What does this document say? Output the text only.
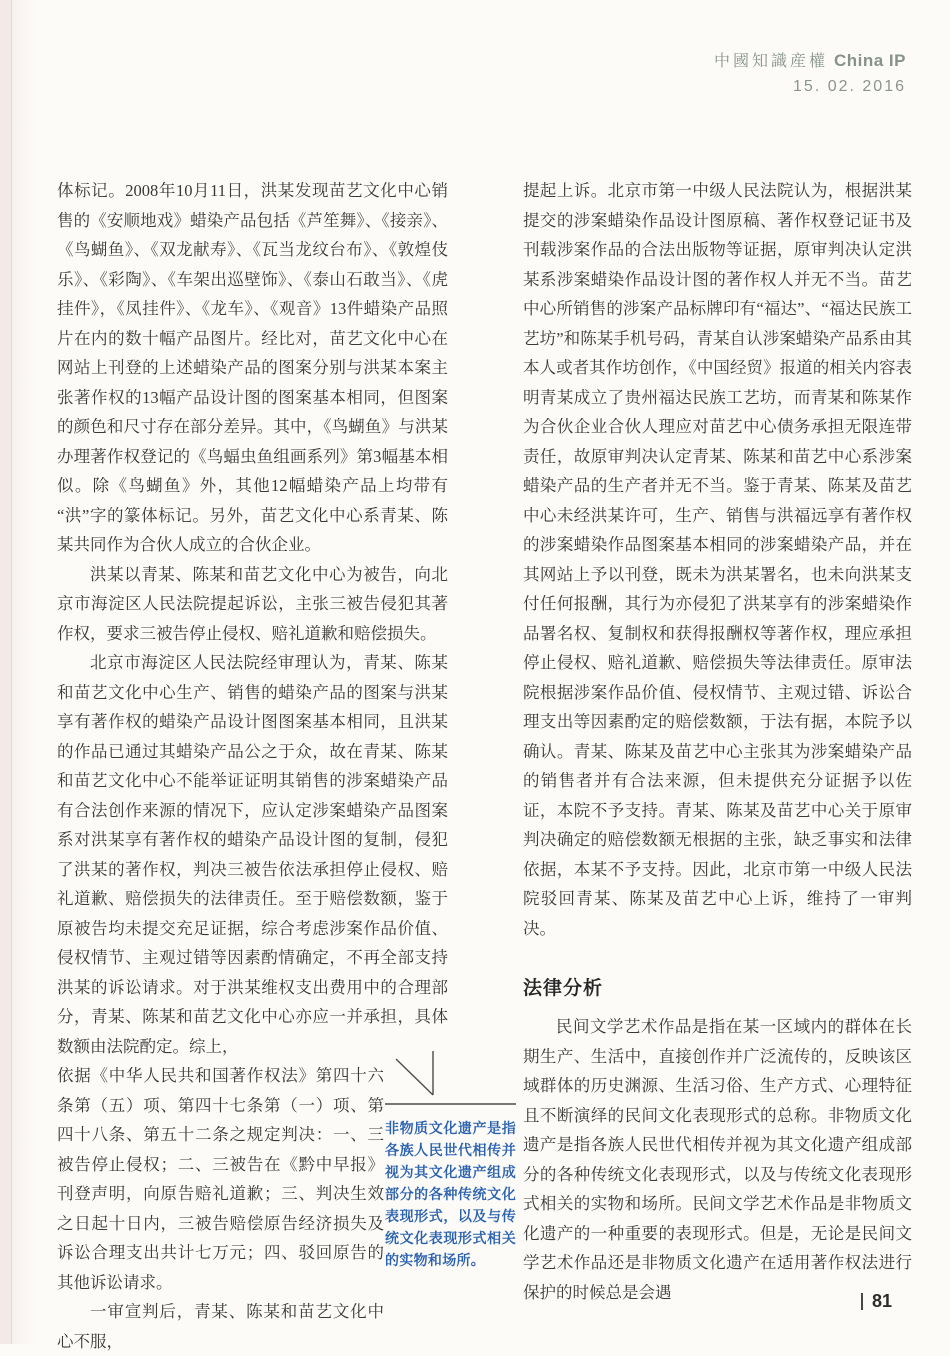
中國知識産權 China IP
15. 02. 2016

体标记。2008年10月11日，洪某发现苗艺文化中心销售的《安顺地戏》蜡染产品包括《芦笙舞》、《接亲》、《鸟蝴鱼》、《双龙献寿》、《瓦当龙纹台布》、《敦煌伎乐》、《彩陶》、《车架出巡壁饰》、《泰山石敢当》、《虎挂件》，《凤挂件》、《龙车》、《观音》13件蜡染产品照片在内的数十幅产品图片。经比对，苗艺文化中心在网站上刊登的上述蜡染产品的图案分别与洪某本案主张著作权的13幅产品设计图的图案基本相同，但图案的颜色和尺寸存在部分差异。其中，《鸟蝴鱼》与洪某办理著作权登记的《鸟蝠虫鱼组画系列》第3幅基本相似。除《鸟蝴鱼》外，其他12幅蜡染产品上均带有“洪”字的篆体标记。另外，苗艺文化中心系青某、陈某共同作为合伙人成立的合伙企业。

洪某以青某、陈某和苗艺文化中心为被告，向北京市海淀区人民法院提起诉讼，主张三被告侵犯其著作权，要求三被告停止侵权、赔礼道歉和赔偿损失。

北京市海淀区人民法院经审理认为，青某、陈某和苗艺文化中心生产、销售的蜡染产品的图案与洪某享有著作权的蜡染产品设计图图案基本相同，且洪某的作品已通过其蜡染产品公之于众，故在青某、陈某和苗艺文化中心不能举证证明其销售的涉案蜡染产品有合法创作来源的情况下，应认定涉案蜡染产品图案系对洪某享有著作权的蜡染产品设计图的复制，侵犯了洪某的著作权，判决三被告依法承担停止侵权、赔礼道歉、赔偿损失的法律责任。至于赔偿数额，鉴于原被告均未提交充足证据，综合考虑涉案作品价值、侵权情节、主观过错等因素酌情确定，不再全部支持洪某的诉讼请求。对于洪某维权支出费用中的合理部分，青某、陈某和苗艺文化中心亦应一并承担，具体数额由法院酌定。综上，

依据《中华人民共和国著作权法》第四十六条第（五）项、第四十七条第（一）项、第四十八条、第五十二条之规定判决：一、三被告停止侵权；二、三被告在《黔中早报》刊登声明，向原告赔礼道歉；三、判决生效之日起十日内，三被告赔偿原告经济损失及诉讼合理支出共计七万元；四、驳回原告的其他诉讼请求。

一审宣判后，青某、陈某和苗艺文化中心不服，

非物质文化遗产是指各族人民世代相传并视为其文化遗产组成部分的各种传统文化表现形式，以及与传统文化表现形式相关的实物和场所。

提起上诉。北京市第一中级人民法院认为，根据洪某提交的涉案蜡染作品设计图原稿、著作权登记证书及刊载涉案作品的合法出版物等证据，原审判决认定洪某系涉案蜡染作品设计图的著作权人并无不当。苗艺中心所销售的涉案产品标牌印有“福达”、“福达民族工艺坊”和陈某手机号码，青某自认涉案蜡染产品系由其本人或者其作坊创作，《中国经贸》报道的相关内容表明青某成立了贵州福达民族工艺坊，而青某和陈某作为合伙企业合伙人理应对苗艺中心债务承担无限连带责任，故原审判决认定青某、陈某和苗艺中心系涉案蜡染产品的生产者并无不当。鉴于青某、陈某及苗艺中心未经洪某许可，生产、销售与洪福远享有著作权的涉案蜡染作品图案基本相同的涉案蜡染产品，并在其网站上予以刊登，既未为洪某署名，也未向洪某支付任何报酬，其行为亦侵犯了洪某享有的涉案蜡染作品署名权、复制权和获得报酬权等著作权，理应承担停止侵权、赔礼道歉、赔偿损失等法律责任。原审法院根据涉案作品价值、侵权情节、主观过错、诉讼合理支出等因素酌定的赔偿数额，于法有据，本院予以确认。青某、陈某及苗艺中心主张其为涉案蜡染产品的销售者并有合法来源，但未提供充分证据予以佐证，本院不予支持。青某、陈某及苗艺中心关于原审判决确定的赔偿数额无根据的主张，缺乏事实和法律依据，本某不予支持。因此，北京市第一中级人民法院驳回青某、陈某及苗艺中心上诉，维持了一审判决。

法律分析

民间文学艺术作品是指在某一区域内的群体在长期生产、生活中，直接创作并广泛流传的，反映该区域群体的历史渊源、生活习俗、生产方式、心理特征且不断演绎的民间文化表现形式的总称。非物质文化遗产是指各族人民世代相传并视为其文化遗产组成部分的各种传统文化表现形式，以及与传统文化表现形式相关的实物和场所。民间文学艺术作品是非物质文化遗产的一种重要的表现形式。但是，无论是民间文学艺术作品还是非物质文化遗产在适用著作权法进行保护的时候总是会遇	81
